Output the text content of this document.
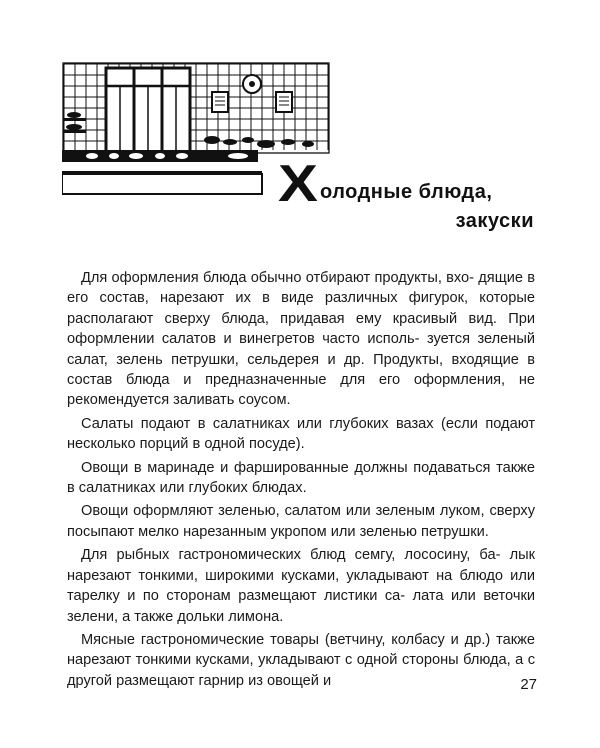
Х олодные блюда,
закуски

Для оформления блюда обычно отбирают продукты, вхо- дящие в его состав, нарезают их в виде различных фигурок, которые располагают сверху блюда, придавая ему красивый вид. При оформлении салатов и винегретов часто исполь- зуется зеленый салат, зелень петрушки, сельдерея и др. Продукты, входящие в состав блюда и предназначенные для его оформления, не рекомендуется заливать соусом.

Салаты подают в салатниках или глубоких вазах (если подают несколько порций в одной посуде).

Овощи в маринаде и фаршированные должны подаваться также в салатниках или глубоких блюдах.

Овощи оформляют зеленью, салатом или зеленым луком, сверху посыпают мелко нарезанным укропом или зеленью петрушки.

Для рыбных гастрономических блюд семгу, лососину, ба- лык нарезают тонкими, широкими кусками, укладывают на блюдо или тарелку и по сторонам размещают листики са- лата или веточки зелени, а также дольки лимона.

Мясные гастрономические товары (ветчину, колбасу и др.) также нарезают тонкими кусками, укладывают с одной стороны блюда, а с другой размещают гарнир из овощей и	27
